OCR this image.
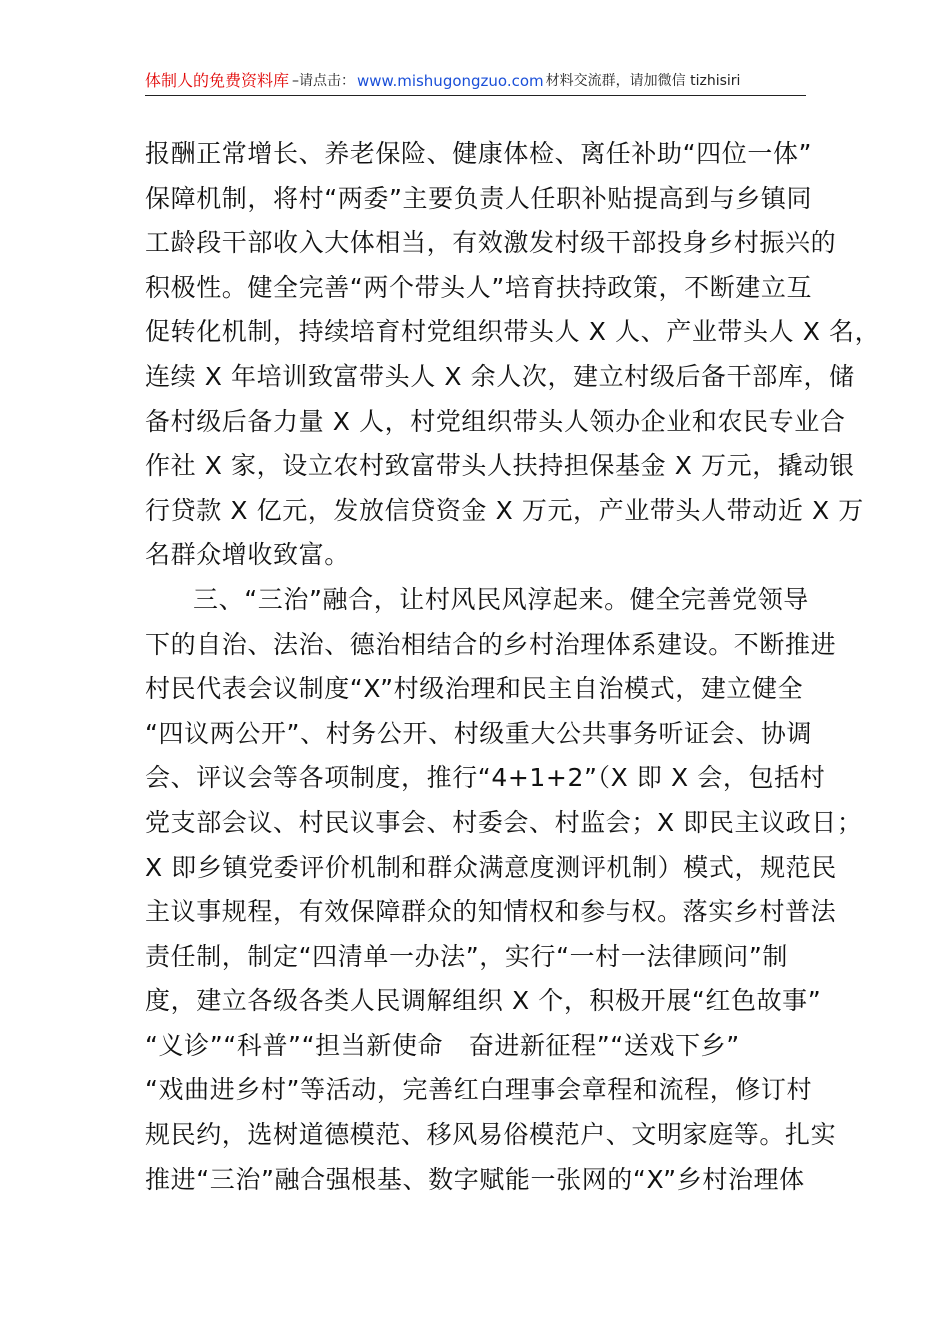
体制人的免费资料库 –请点击： www.mishugongzuo.com 材料交流群，请加微信 tizhisiri
报酬正常增长、养老保险、健康体检、离任补助“四位一体”
保障机制，将村“两委”主要负责人任职补贴提高到与乡镇同
工龄段干部收入大体相当，有效激发村级干部投身乡村振兴的
积极性。健全完善“两个带头人”培育扶持政策，不断建立互
促转化机制，持续培育村党组织带头人 X 人、产业带头人 X 名，
连续 X 年培训致富带头人 X 余人次，建立村级后备干部库，储
备村级后备力量 X 人，村党组织带头人领办企业和农民专业合
作社 X 家，设立农村致富带头人扶持担保基金 X 万元，撬动银
行贷款 X 亿元，发放信贷资金 X 万元，产业带头人带动近 X 万
名群众增收致富。
三、“三治”融合，让村风民风淳起来。健全完善党领导
下的自治、法治、德治相结合的乡村治理体系建设。不断推进
村民代表会议制度“X”村级治理和民主自治模式，建立健全
“四议两公开”、村务公开、村级重大公共事务听证会、协调
会、评议会等各项制度，推行“4+1+2”（X 即 X 会，包括村
党支部会议、村民议事会、村委会、村监会；X 即民主议政日；
X 即乡镇党委评价机制和群众满意度测评机制）模式，规范民
主议事规程，有效保障群众的知情权和参与权。落实乡村普法
责任制，制定“四清单一办法”，实行“一村一法律顾问”制
度，建立各级各类人民调解组织 X 个，积极开展“红色故事”
“义诊”“科普”“担当新使命　奋进新征程”“送戏下乡”
“戏曲进乡村”等活动，完善红白理事会章程和流程，修订村
规民约，选树道德模范、移风易俗模范户、文明家庭等。扎实
推进“三治”融合强根基、数字赋能一张网的“X”乡村治理体
